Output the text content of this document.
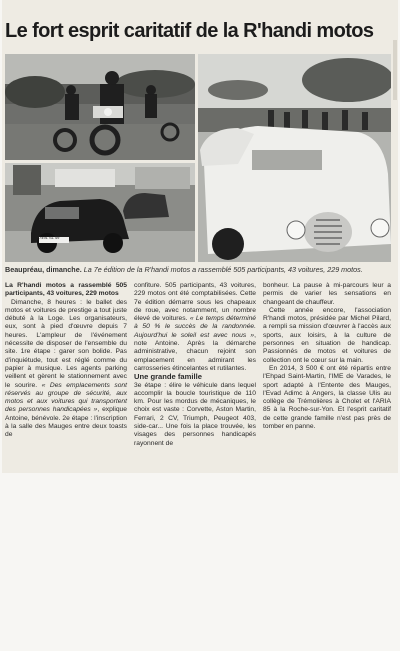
Le fort esprit caritatif de la R'handi motos
7491 SL 49
Beaupréau, dimanche. La 7e édition de la R'handi motos a rassemblé 505 participants, 43 voitures, 229 motos.

La R'handi motos a rassemblé 505 participants, 43 voitures, 229 motos

Dimanche, 8 heures : le ballet des motos et voitures de prestige a tout juste débuté à la Loge. Les organisateurs, eux, sont à pied d'œuvre depuis 7 heures. L'ampleur de l'événement nécessite de disposer de l'ensemble du site. 1re étape : garer son bolide. Pas d'inquiétude, tout est réglé comme du papier à musique. Les agents parking veillent et gèrent le stationnement avec le sourire. « Des emplacements sont réservés au groupe de sécurité, aux motos et aux voitures qui transportent des personnes handicapées », explique Antoine, bénévole. 2e étape : l'inscription à la salle des Mauges entre deux toasts de

confiture. 505 participants, 43 voitures, 229 motos ont été comptabilisées. Cette 7e édition démarre sous les chapeaux de roue, avec notamment, un nombre élevé de voitures. « Le temps déterminé à 50 % le succès de la randonnée. Aujourd'hui le soleil est avec nous », note Antoine. Après la démarche administrative, chacun rejoint son emplacement en admirant les carrosseries étincelantes et rutilantes.

Une grande famille

3e étape : élire le véhicule dans lequel accomplir la boucle touristique de 110 km. Pour les mordus de mécaniques, le choix est vaste : Corvette, Aston Martin, Ferrari, 2 CV, Triumph, Peugeot 403, side-car... Une fois la place trouvée, les visages des personnes handicapés rayonnent de

bonheur. La pause à mi-parcours leur a permis de varier les sensations en changeant de chauffeur.

Cette année encore, l'association R'handi motos, présidée par Michel Pilard, a rempli sa mission d'œuvrer à l'accès aux sports, aux loisirs, à la culture de personnes en situation de handicap. Passionnés de motos et voitures de collection ont le cœur sur la main.

En 2014, 3 500 € ont été répartis entre l'Ehpad Saint-Martin, l'IME de Varades, le sport adapté à l'Entente des Mauges, l'Evad Adimc à Angers, la classe Ulis au collège de Trémolières à Cholet et l'ARIA 85 à la Roche-sur-Yon. Et l'esprit caritatif de cette grande famille n'est pas près de tomber en panne.
